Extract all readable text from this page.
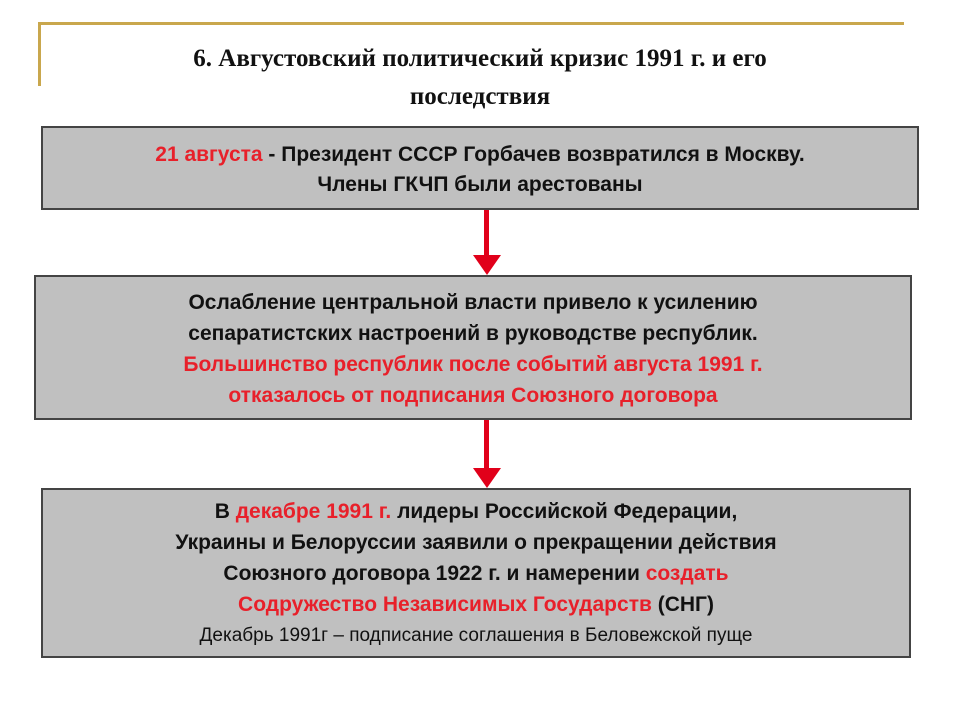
6. Августовский политический кризис 1991 г. и его
последствия
21 августа - Президент СССР Горбачев возвратился в Москву.
Члены ГКЧП были арестованы
Ослабление центральной власти привело к усилению
сепаратистских настроений в руководстве республик.
Большинство республик после событий августа 1991 г.
отказалось от подписания Союзного договора
В декабре 1991 г. лидеры Российской Федерации,
Украины и Белоруссии заявили о прекращении действия
Союзного договора 1922 г. и намерении создать
Содружество Независимых Государств (СНГ)
Декабрь 1991г – подписание соглашения в Беловежской пуще
